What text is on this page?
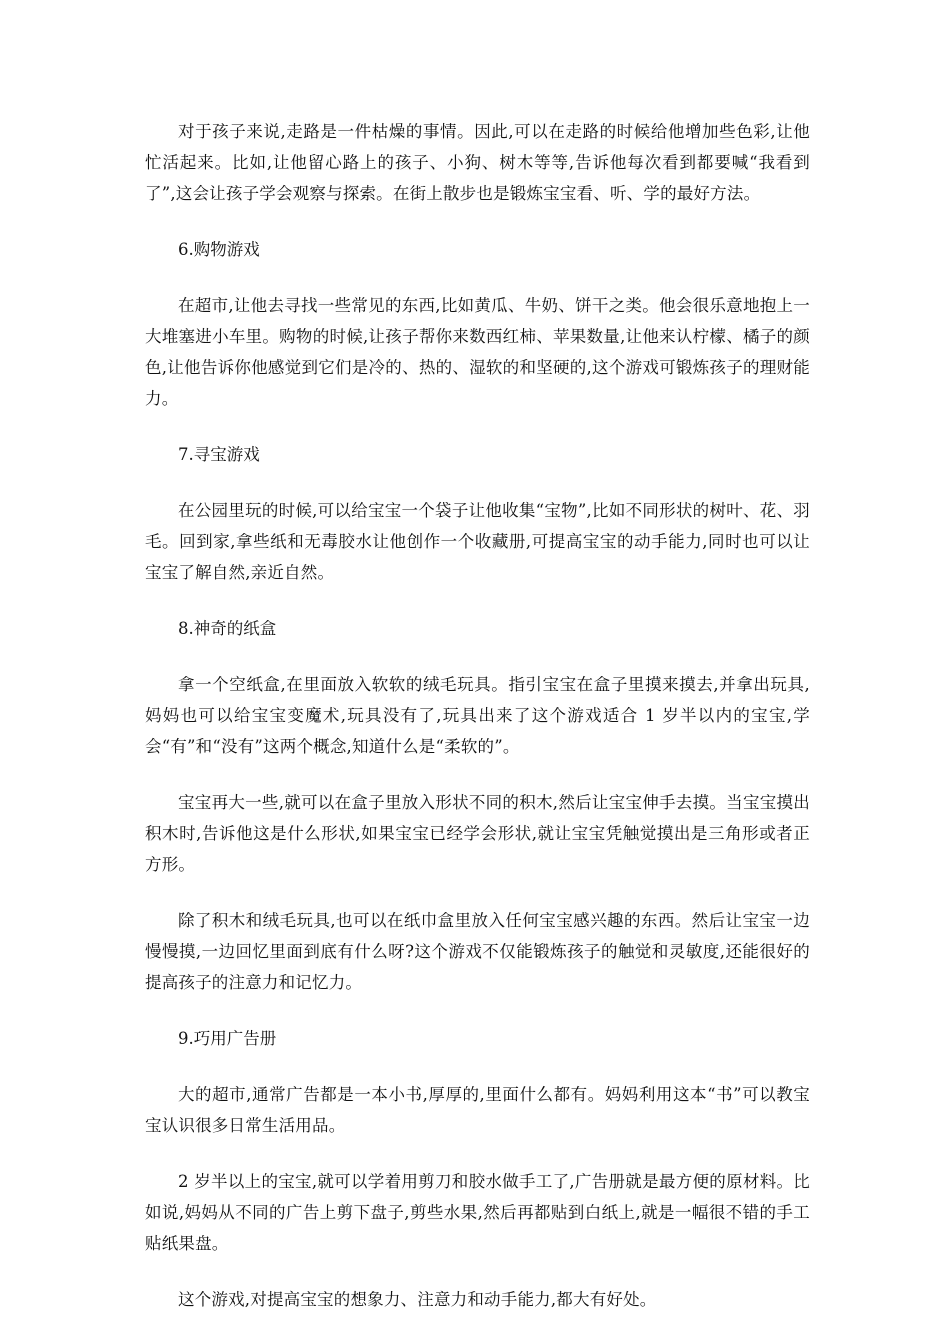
对于孩子来说,走路是一件枯燥的事情。因此,可以在走路的时候给他增加些色彩,让他忙活起来。比如,让他留心路上的孩子、小狗、树木等等,告诉他每次看到都要喊“我看到了”,这会让孩子学会观察与探索。在街上散步也是锻炼宝宝看、听、学的最好方法。

6.购物游戏

在超市,让他去寻找一些常见的东西,比如黄瓜、牛奶、饼干之类。他会很乐意地抱上一大堆塞进小车里。购物的时候,让孩子帮你来数西红柿、苹果数量,让他来认柠檬、橘子的颜色,让他告诉你他感觉到它们是冷的、热的、湿软的和坚硬的,这个游戏可锻炼孩子的理财能力。

7.寻宝游戏

在公园里玩的时候,可以给宝宝一个袋子让他收集“宝物”,比如不同形状的树叶、花、羽毛。回到家,拿些纸和无毒胶水让他创作一个收藏册,可提高宝宝的动手能力,同时也可以让宝宝了解自然,亲近自然。

8.神奇的纸盒

拿一个空纸盒,在里面放入软软的绒毛玩具。指引宝宝在盒子里摸来摸去,并拿出玩具,妈妈也可以给宝宝变魔术,玩具没有了,玩具出来了这个游戏适合 1 岁半以内的宝宝,学会“有”和“没有”这两个概念,知道什么是“柔软的”。

宝宝再大一些,就可以在盒子里放入形状不同的积木,然后让宝宝伸手去摸。当宝宝摸出积木时,告诉他这是什么形状,如果宝宝已经学会形状,就让宝宝凭触觉摸出是三角形或者正方形。

除了积木和绒毛玩具,也可以在纸巾盒里放入任何宝宝感兴趣的东西。然后让宝宝一边慢慢摸,一边回忆里面到底有什么呀?这个游戏不仅能锻炼孩子的触觉和灵敏度,还能很好的提高孩子的注意力和记忆力。

9.巧用广告册

大的超市,通常广告都是一本小书,厚厚的,里面什么都有。妈妈利用这本“书”可以教宝宝认识很多日常生活用品。

2 岁半以上的宝宝,就可以学着用剪刀和胶水做手工了,广告册就是最方便的原材料。比如说,妈妈从不同的广告上剪下盘子,剪些水果,然后再都贴到白纸上,就是一幅很不错的手工贴纸果盘。

这个游戏,对提高宝宝的想象力、注意力和动手能力,都大有好处。
